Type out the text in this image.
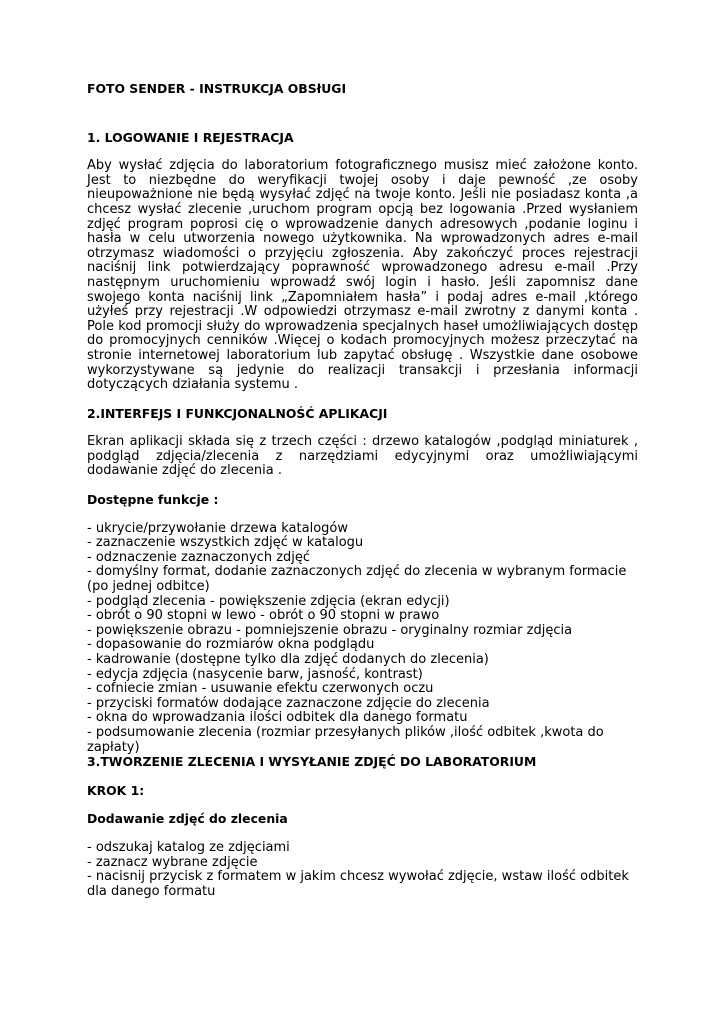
FOTO SENDER - INSTRUKCJA OBSłUGI
1. LOGOWANIE I REJESTRACJA

Aby wysłać zdjęcia do laboratorium fotograficznego musisz mieć założone konto. Jest to niezbędne do weryfikacji twojej osoby i daje pewność ,ze osoby nieupoważnione nie będą wysyłać zdjęć na twoje konto. Jeśli nie posiadasz konta ,a chcesz wysłać zlecenie ,uruchom program opcją bez logowania .Przed wysłaniem zdjęć program poprosi cię o wprowadzenie danych adresowych ,podanie loginu i hasła w celu utworzenia nowego użytkownika. Na wprowadzonych adres e-mail otrzymasz wiadomości o przyjęciu zgłoszenia. Aby zakończyć proces rejestracji naciśnij link potwierdzający poprawność wprowadzonego adresu e-mail .Przy następnym uruchomieniu wprowadź swój login i hasło. Jeśli zapomnisz dane swojego konta naciśnij link „Zapomniałem hasła” i podaj adres e-mail ,którego użyłeś przy rejestracji .W odpowiedzi otrzymasz e-mail zwrotny z danymi konta . Pole kod promocji służy do wprowadzenia specjalnych haseł umożliwiających dostęp do promocyjnych cenników .Więcej o kodach promocyjnych możesz przeczytać na stronie internetowej laboratorium lub zapytać obsługę . Wszystkie dane osobowe wykorzystywane są jedynie do realizacji transakcji i przesłania informacji dotyczących działania systemu .

2.INTERFEJS I FUNKCJONALNOŚĆ APLIKACJI

Ekran aplikacji składa się z trzech części : drzewo katalogów ,podgląd miniaturek , podgląd zdjęcia/zlecenia z narzędziami edycyjnymi oraz umożliwiającymi dodawanie zdjęć do zlecenia .

Dostępne funkcje :
- ukrycie/przywołanie drzewa katalogów
- zaznaczenie wszystkich zdjęć w katalogu
- odznaczenie zaznaczonych zdjęć
- domyślny format, dodanie zaznaczonych zdjęć do zlecenia w wybranym formacie (po jednej odbitce)
- podgląd zlecenia - powiększenie zdjęcia (ekran edycji)
- obrót o 90 stopni w lewo - obrót o 90 stopni w prawo
- powiększenie obrazu - pomniejszenie obrazu - oryginalny rozmiar zdjęcia
- dopasowanie do rozmiarów okna podglądu
- kadrowanie (dostępne tylko dla zdjęć dodanych do zlecenia)
- edycja zdjęcia (nasycenie barw, jasność, kontrast)
- cofniecie zmian - usuwanie efektu czerwonych oczu
- przyciski formatów dodające zaznaczone zdjęcie do zlecenia
- okna do wprowadzania ilości odbitek dla danego formatu
- podsumowanie zlecenia (rozmiar przesyłanych plików ,ilość odbitek ,kwota do zapłaty)
3.TWORZENIE ZLECENIA I WYSYŁANIE ZDJĘĆ DO LABORATORIUM
KROK 1:
Dodawanie zdjęć do zlecenia
- odszukaj katalog ze zdjęciami
- zaznacz wybrane zdjęcie
- nacisnij przycisk z formatem w jakim chcesz wywołać zdjęcie, wstaw ilość odbitek dla danego formatu
